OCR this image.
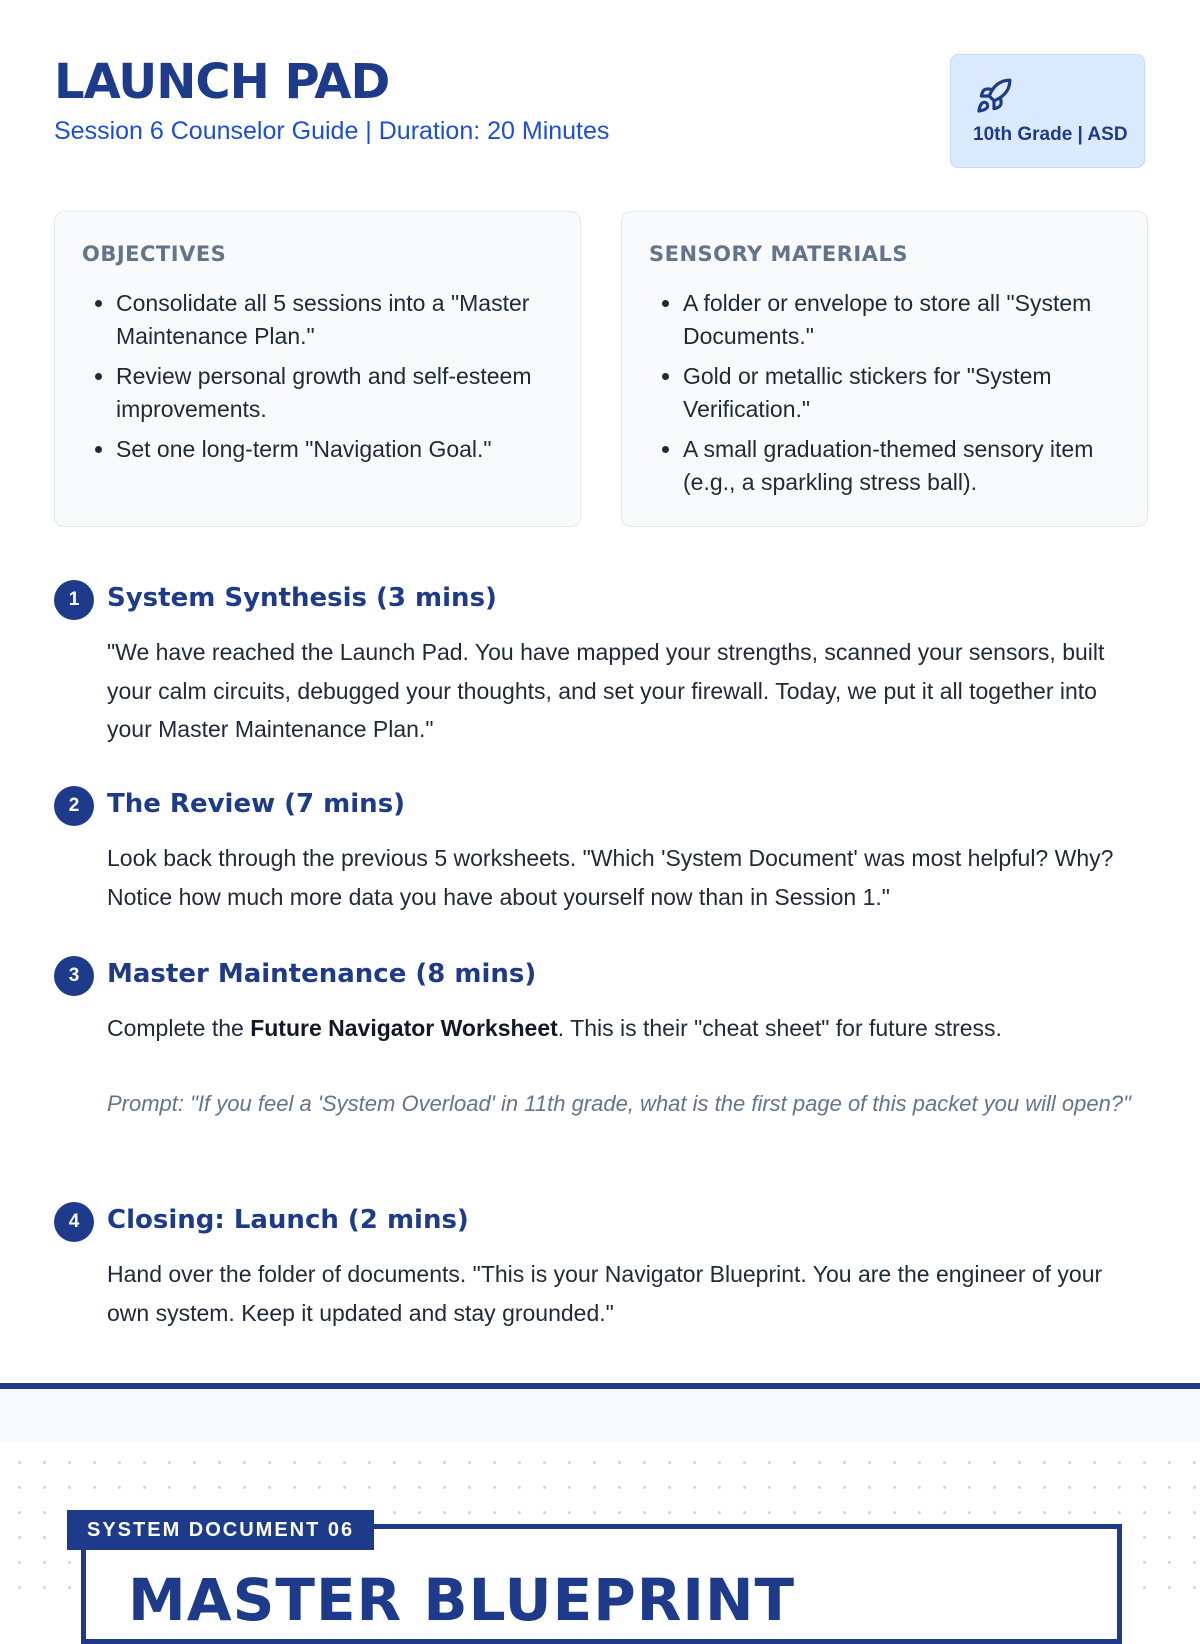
LAUNCH PAD
Session 6 Counselor Guide | Duration: 20 Minutes	10th Grade | ASD
OBJECTIVES
• Consolidate all 5 sessions into a "Master Maintenance Plan."
• Review personal growth and self-esteem improvements.
• Set one long-term "Navigation Goal."
SENSORY MATERIALS
• A folder or envelope to store all "System Documents."
• Gold or metallic stickers for "System Verification."
• A small graduation-themed sensory item (e.g., a sparkling stress ball).
1	System Synthesis (3 mins)

"We have reached the Launch Pad. You have mapped your strengths, scanned your sensors, built your calm circuits, debugged your thoughts, and set your firewall. Today, we put it all together into your Master Maintenance Plan."

2	The Review (7 mins)

Look back through the previous 5 worksheets. "Which 'System Document' was most helpful? Why? Notice how much more data you have about yourself now than in Session 1."

3	Master Maintenance (8 mins)

Complete the Future Navigator Worksheet. This is their "cheat sheet" for future stress.

Prompt: "If you feel a 'System Overload' in 11th grade, what is the first page of this packet you will open?"

4	Closing: Launch (2 mins)

Hand over the folder of documents. "This is your Navigator Blueprint. You are the engineer of your own system. Keep it updated and stay grounded."

SYSTEM DOCUMENT 06
MASTER BLUEPRINT
